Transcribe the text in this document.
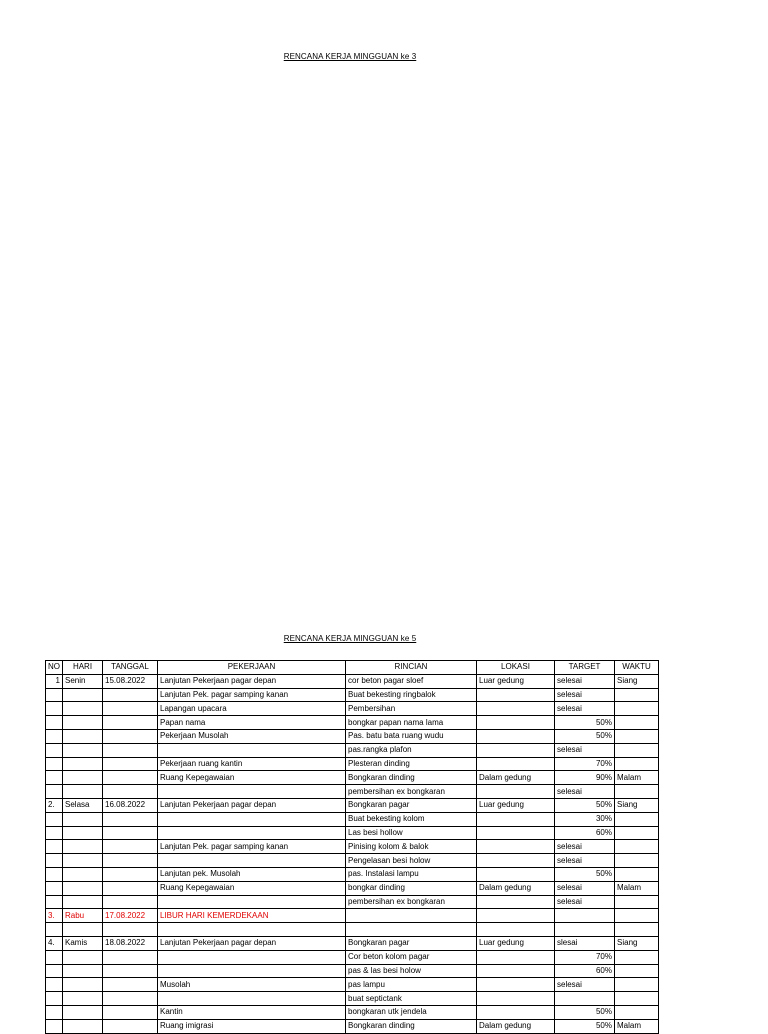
RENCANA KERJA MINGGUAN ke 3
RENCANA KERJA MINGGUAN ke 5
NO	HARI	TANGGAL	PEKERJAAN	RINCIAN	LOKASI	TARGET	WAKTU
1	Senin	15.08.2022	Lanjutan Pekerjaan pagar depan	cor beton pagar sloef	Luar gedung	selesai	Siang
			Lanjutan Pek. pagar samping kanan	Buat bekesting ringbalok		selesai	
			Lapangan upacara	Pembersihan		selesai	
			Papan nama	bongkar papan nama lama		50%	
			Pekerjaan Musolah	Pas. batu bata ruang wudu		50%	
				pas.rangka plafon		selesai	
			Pekerjaan ruang kantin	Plesteran dinding		70%	
			Ruang Kepegawaian	Bongkaran dinding	Dalam gedung	90%	Malam
				pembersihan ex bongkaran		selesai	
2.	Selasa	16.08.2022	Lanjutan Pekerjaan pagar depan	Bongkaran pagar	Luar gedung	50%	Siang
				Buat bekesting kolom		30%	
				Las besi hollow		60%	
			Lanjutan Pek. pagar samping kanan	Pinising kolom & balok		selesai	
				Pengelasan besi holow		selesai	
			Lanjutan pek. Musolah	pas. Instalasi lampu		50%	
			Ruang Kepegawaian	bongkar dinding	Dalam gedung	selesai	Malam
				pembersihan ex bongkaran		selesai	
3.	Rabu	17.08.2022	LIBUR HARI KEMERDEKAAN				

4.	Kamis	18.08.2022	Lanjutan Pekerjaan pagar depan	Bongkaran pagar	Luar gedung	slesai	Siang
				Cor beton kolom pagar		70%	
				pas & las besi holow		60%	
			Musolah	pas lampu		selesai	
				buat septictank			
			Kantin	bongkaran utk jendela		50%	
			Ruang imigrasi	Bongkaran dinding	Dalam gedung	50%	Malam
